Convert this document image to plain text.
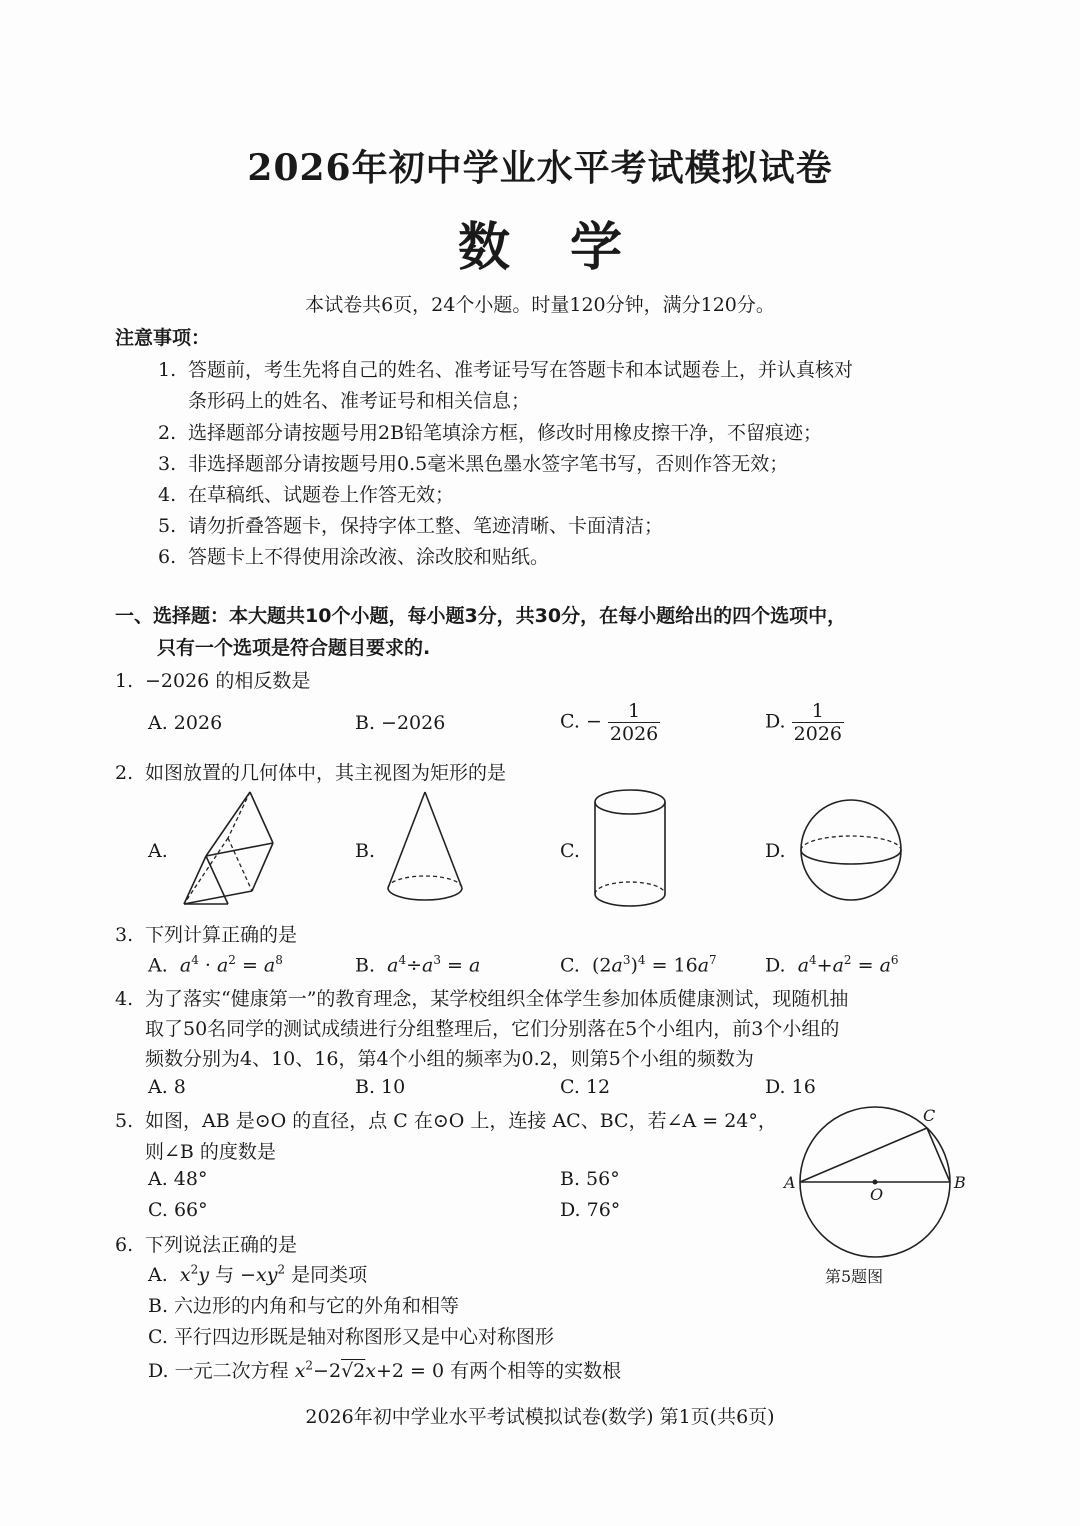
2026年初中学业水平考试模拟试卷
数学
本试卷共6页，24个小题。时量120分钟，满分120分。
注意事项：
1. 答题前，考生先将自己的姓名、准考证号写在答题卡和本试题卷上，并认真核对
条形码上的姓名、准考证号和相关信息；
2. 选择题部分请按题号用2B铅笔填涂方框，修改时用橡皮擦干净，不留痕迹；
3. 非选择题部分请按题号用0.5毫米黑色墨水签字笔书写，否则作答无效；
4. 在草稿纸、试题卷上作答无效；
5. 请勿折叠答题卡，保持字体工整、笔迹清晰、卡面清洁；
6. 答题卡上不得使用涂改液、涂改胶和贴纸。
一、选择题：本大题共10个小题，每小题3分，共30分，在每小题给出的四个选项中，
只有一个选项是符合题目要求的.
1. −2026 的相反数是
A. 2026	B. −2026	C. − $\frac{1}{2026}$	D. $\frac{1}{2026}$
2. 如图放置的几何体中，其主视图为矩形的是
A.	B.	C.	D.
3. 下列计算正确的是
A. $a^4 \cdot a^2 = a^8$	B. $a^4\div a^3 = a$	C.  $(2a^3)^4 = 16a^7$	D. $a^4+a^2 = a^6$
4. 为了落实“健康第一”的教育理念，某学校组织全体学生参加体质健康测试，现随机抽
取了50名同学的测试成绩进行分组整理后，它们分别落在5个小组内，前3个小组的
频数分别为4、10、16，第4个小组的频率为0.2，则第5个小组的频数为
A. 8	B. 10	C. 12	D. 16
5. 如图，AB 是⊙O 的直径，点 C 在⊙O 上，连接 AC、BC，若∠A = 24°，
则∠B 的度数是
A. 48°	B. 56°
C. 66°	D. 76°
A	B
C
O
第5题图
6. 下列说法正确的是
A. $x^2y$ 与 $-xy^2$ 是同类项
B. 六边形的内角和与它的外角和相等
C. 平行四边形既是轴对称图形又是中心对称图形
D. 一元二次方程 $x^2-2√2x+2 = 0$ 有两个相等的实数根
2026年初中学业水平考试模拟试卷(数学) 第1页(共6页)
